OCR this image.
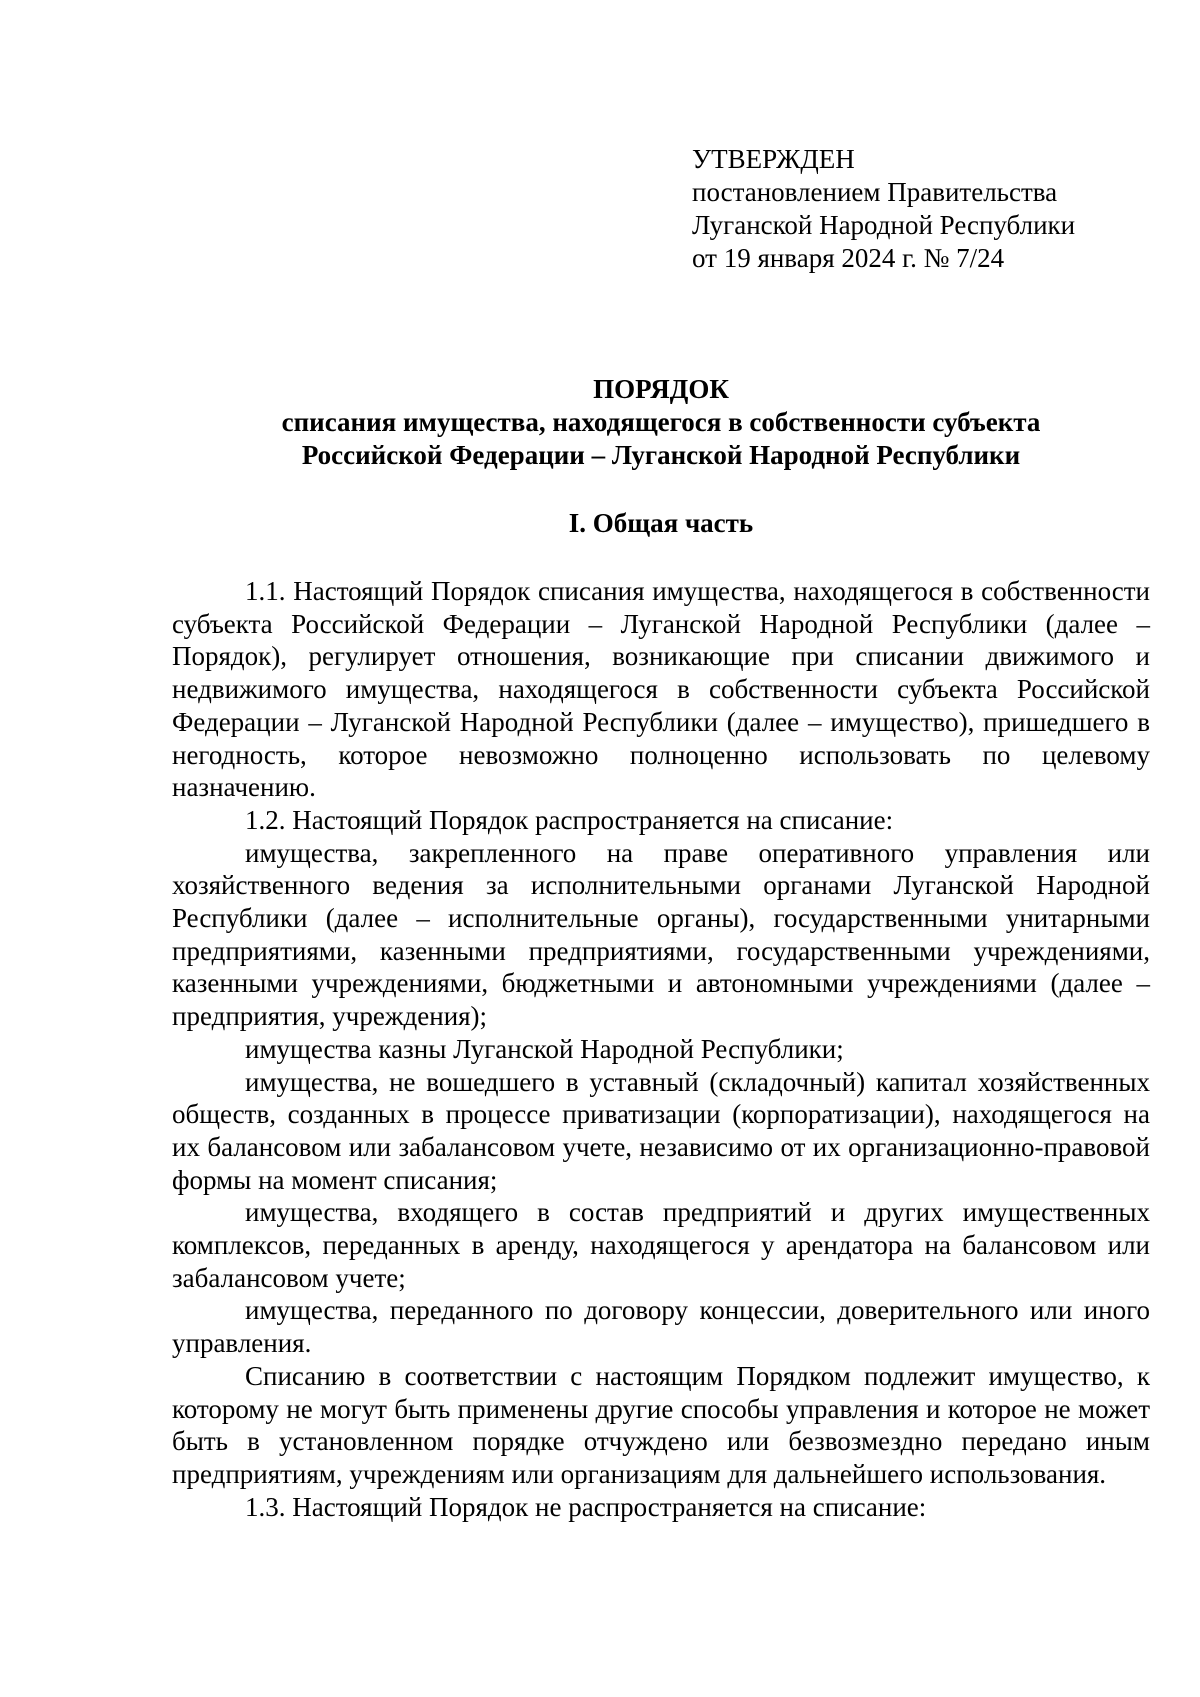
УТВЕРЖДЕН
постановлением Правительства
Луганской Народной Республики
от 19 января 2024 г. № 7/24
ПОРЯДОК
списания имущества, находящегося в собственности субъекта
Российской Федерации – Луганской Народной Республики
I. Общая часть

1.1. Настоящий Порядок списания имущества, находящегося в собственности субъекта Российской Федерации – Луганской Народной Республики (далее – Порядок), регулирует отношения, возникающие при списании движимого и недвижимого имущества, находящегося в собственности субъекта Российской Федерации – Луганской Народной Республики (далее – имущество), пришедшего в негодность, которое невозможно полноценно использовать по целевому назначению.

1.2. Настоящий Порядок распространяется на списание:

имущества, закрепленного на праве оперативного управления или хозяйственного ведения за исполнительными органами Луганской Народной Республики (далее – исполнительные органы), государственными унитарными предприятиями, казенными предприятиями, государственными учреждениями, казенными учреждениями, бюджетными и автономными учреждениями (далее – предприятия, учреждения);

имущества казны Луганской Народной Республики;

имущества, не вошедшего в уставный (складочный) капитал хозяйственных обществ, созданных в процессе приватизации (корпоратизации), находящегося на их балансовом или забалансовом учете, независимо от их организационно-правовой формы на момент списания;

имущества, входящего в состав предприятий и других имущественных комплексов, переданных в аренду, находящегося у арендатора на балансовом или забалансовом учете;

имущества, переданного по договору концессии, доверительного или иного управления.

Списанию в соответствии с настоящим Порядком подлежит имущество, к которому не могут быть применены другие способы управления и которое не может быть в установленном порядке отчуждено или безвозмездно передано иным предприятиям, учреждениям или организациям для дальнейшего использования.

1.3. Настоящий Порядок не распространяется на списание:
